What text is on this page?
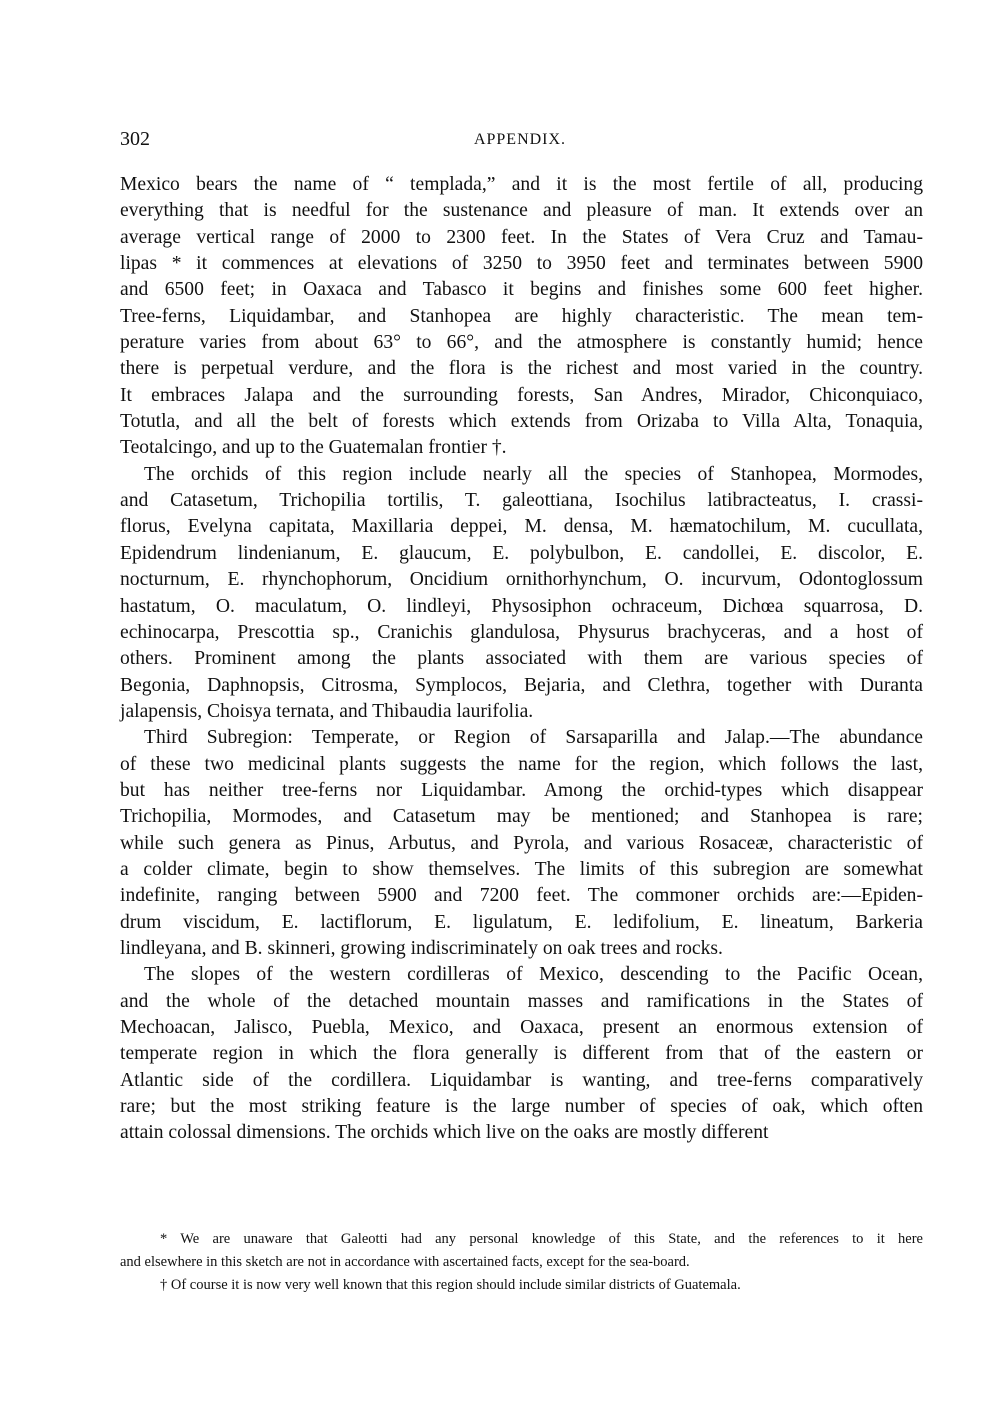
302	APPENDIX.

Mexico bears the name of “ templada,” and it is the most fertile of all, producing
everything that is needful for the sustenance and pleasure of man. It extends over an
average vertical range of 2000 to 2300 feet. In the States of Vera Cruz and Tamau-
lipas * it commences at elevations of 3250 to 3950 feet and terminates between 5900
and 6500 feet; in Oaxaca and Tabasco it begins and finishes some 600 feet higher.
Tree-ferns, Liquidambar, and Stanhopea are highly characteristic. The mean tem-
perature varies from about 63° to 66°, and the atmosphere is constantly humid; hence
there is perpetual verdure, and the flora is the richest and most varied in the country.
It embraces Jalapa and the surrounding forests, San Andres, Mirador, Chiconquiaco,
Totutla, and all the belt of forests which extends from Orizaba to Villa Alta, Tonaquia,
Teotalcingo, and up to the Guatemalan frontier †.

The orchids of this region include nearly all the species of Stanhopea, Mormodes,
and Catasetum, Trichopilia tortilis, T. galeottiana, Isochilus latibracteatus, I. crassi-
florus, Evelyna capitata, Maxillaria deppei, M. densa, M. hæmatochilum, M. cucullata,
Epidendrum lindenianum, E. glaucum, E. polybulbon, E. candollei, E. discolor, E.
nocturnum, E. rhynchophorum, Oncidium ornithorhynchum, O. incurvum, Odontoglossum
hastatum, O. maculatum, O. lindleyi, Physosiphon ochraceum, Dichœa squarrosa, D.
echinocarpa, Prescottia sp., Cranichis glandulosa, Physurus brachyceras, and a host of
others. Prominent among the plants associated with them are various species of
Begonia, Daphnopsis, Citrosma, Symplocos, Bejaria, and Clethra, together with Duranta
jalapensis, Choisya ternata, and Thibaudia laurifolia.

Third Subregion: Temperate, or Region of Sarsaparilla and Jalap.—The abundance
of these two medicinal plants suggests the name for the region, which follows the last,
but has neither tree-ferns nor Liquidambar. Among the orchid-types which disappear
Trichopilia, Mormodes, and Catasetum may be mentioned; and Stanhopea is rare;
while such genera as Pinus, Arbutus, and Pyrola, and various Rosaceæ, characteristic of
a colder climate, begin to show themselves. The limits of this subregion are somewhat
indefinite, ranging between 5900 and 7200 feet. The commoner orchids are:—Epiden-
drum viscidum, E. lactiflorum, E. ligulatum, E. ledifolium, E. lineatum, Barkeria
lindleyana, and B. skinneri, growing indiscriminately on oak trees and rocks.

The slopes of the western cordilleras of Mexico, descending to the Pacific Ocean,
and the whole of the detached mountain masses and ramifications in the States of
Mechoacan, Jalisco, Puebla, Mexico, and Oaxaca, present an enormous extension of
temperate region in which the flora generally is different from that of the eastern or
Atlantic side of the cordillera. Liquidambar is wanting, and tree-ferns comparatively
rare; but the most striking feature is the large number of species of oak, which often
attain colossal dimensions. The orchids which live on the oaks are mostly different

* We are unaware that Galeotti had any personal knowledge of this State, and the references to it here
and elsewhere in this sketch are not in accordance with ascertained facts, except for the sea-board.

† Of course it is now very well known that this region should include similar districts of Guatemala.
